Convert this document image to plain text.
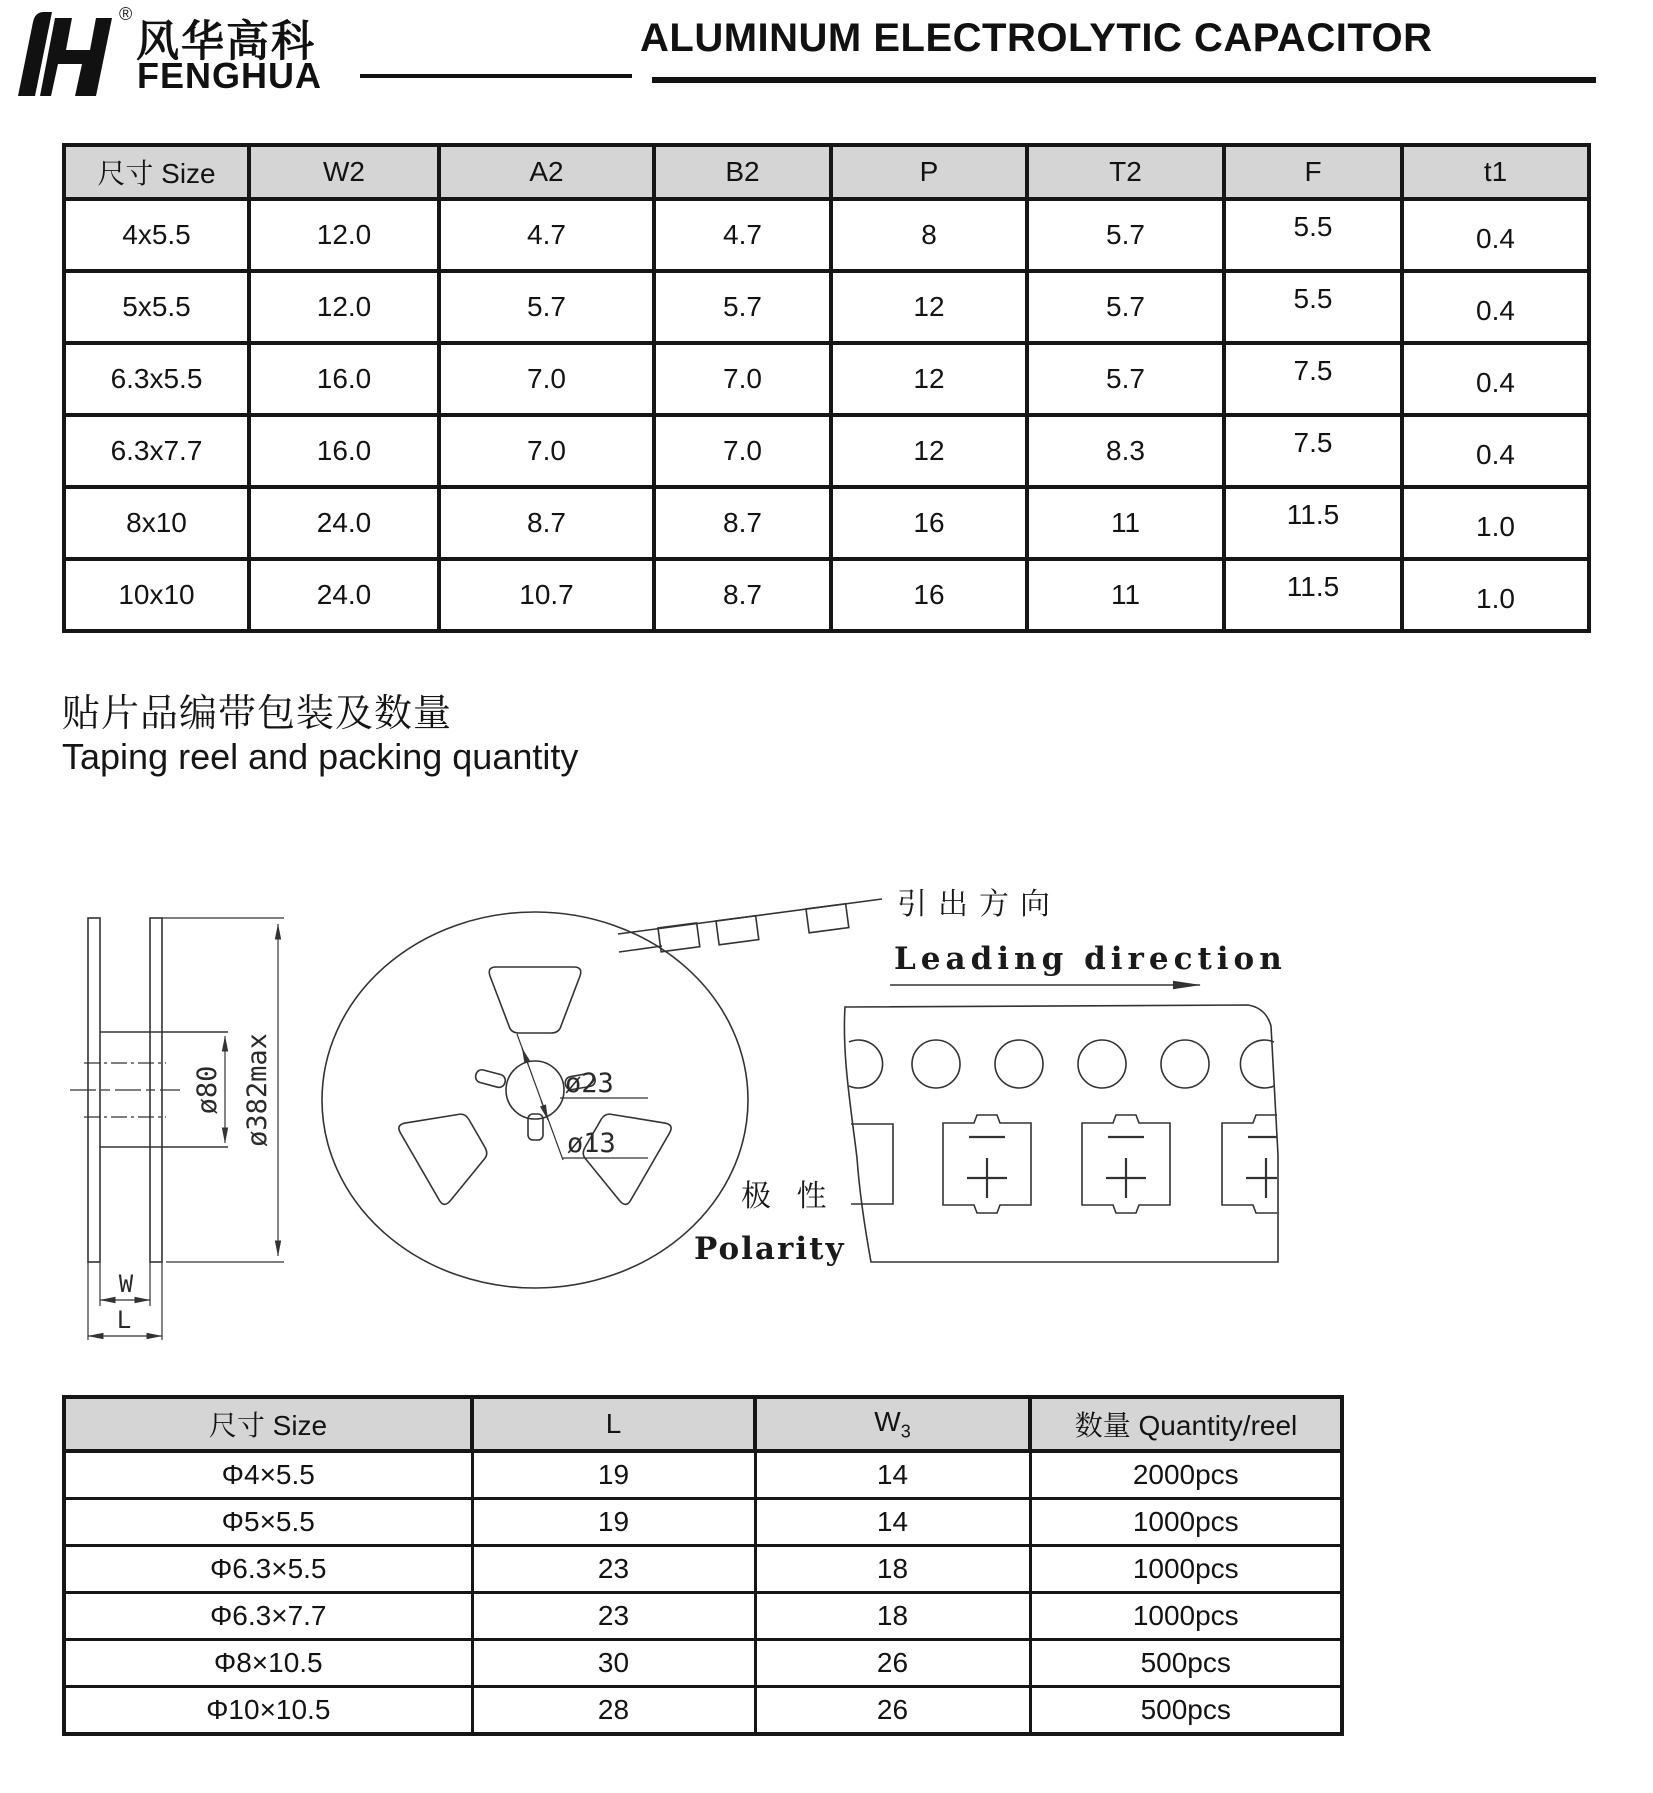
®
风华高科
FENGHUA
ALUMINUM ELECTROLYTIC CAPACITOR
尺寸 Size	W2	A2	B2	P	T2	F	t1
4x5.5	12.0	4.7	4.7	8	5.7	5.5	0.4
5x5.5	12.0	5.7	5.7	12	5.7	5.5	0.4
6.3x5.5	16.0	7.0	7.0	12	5.7	7.5	0.4
6.3x7.7	16.0	7.0	7.0	12	8.3	7.5	0.4
8x10	24.0	8.7	8.7	16	11	11.5	1.0
10x10	24.0	10.7	8.7	16	11	11.5	1.0
贴片品编带包装及数量
Taping reel and packing quantity
ø80 ø382max
W
L
ø23
ø13
引出方向
Leading direction
极 性
Polarity
尺寸 Size	L	$W_3$	数量 Quantity/reel
Φ4×5.5	19	14	2000pcs
Φ5×5.5	19	14	1000pcs
Φ6.3×5.5	23	18	1000pcs
Φ6.3×7.7	23	18	1000pcs
Φ8×10.5	30	26	500pcs
Φ10×10.5	28	26	500pcs
